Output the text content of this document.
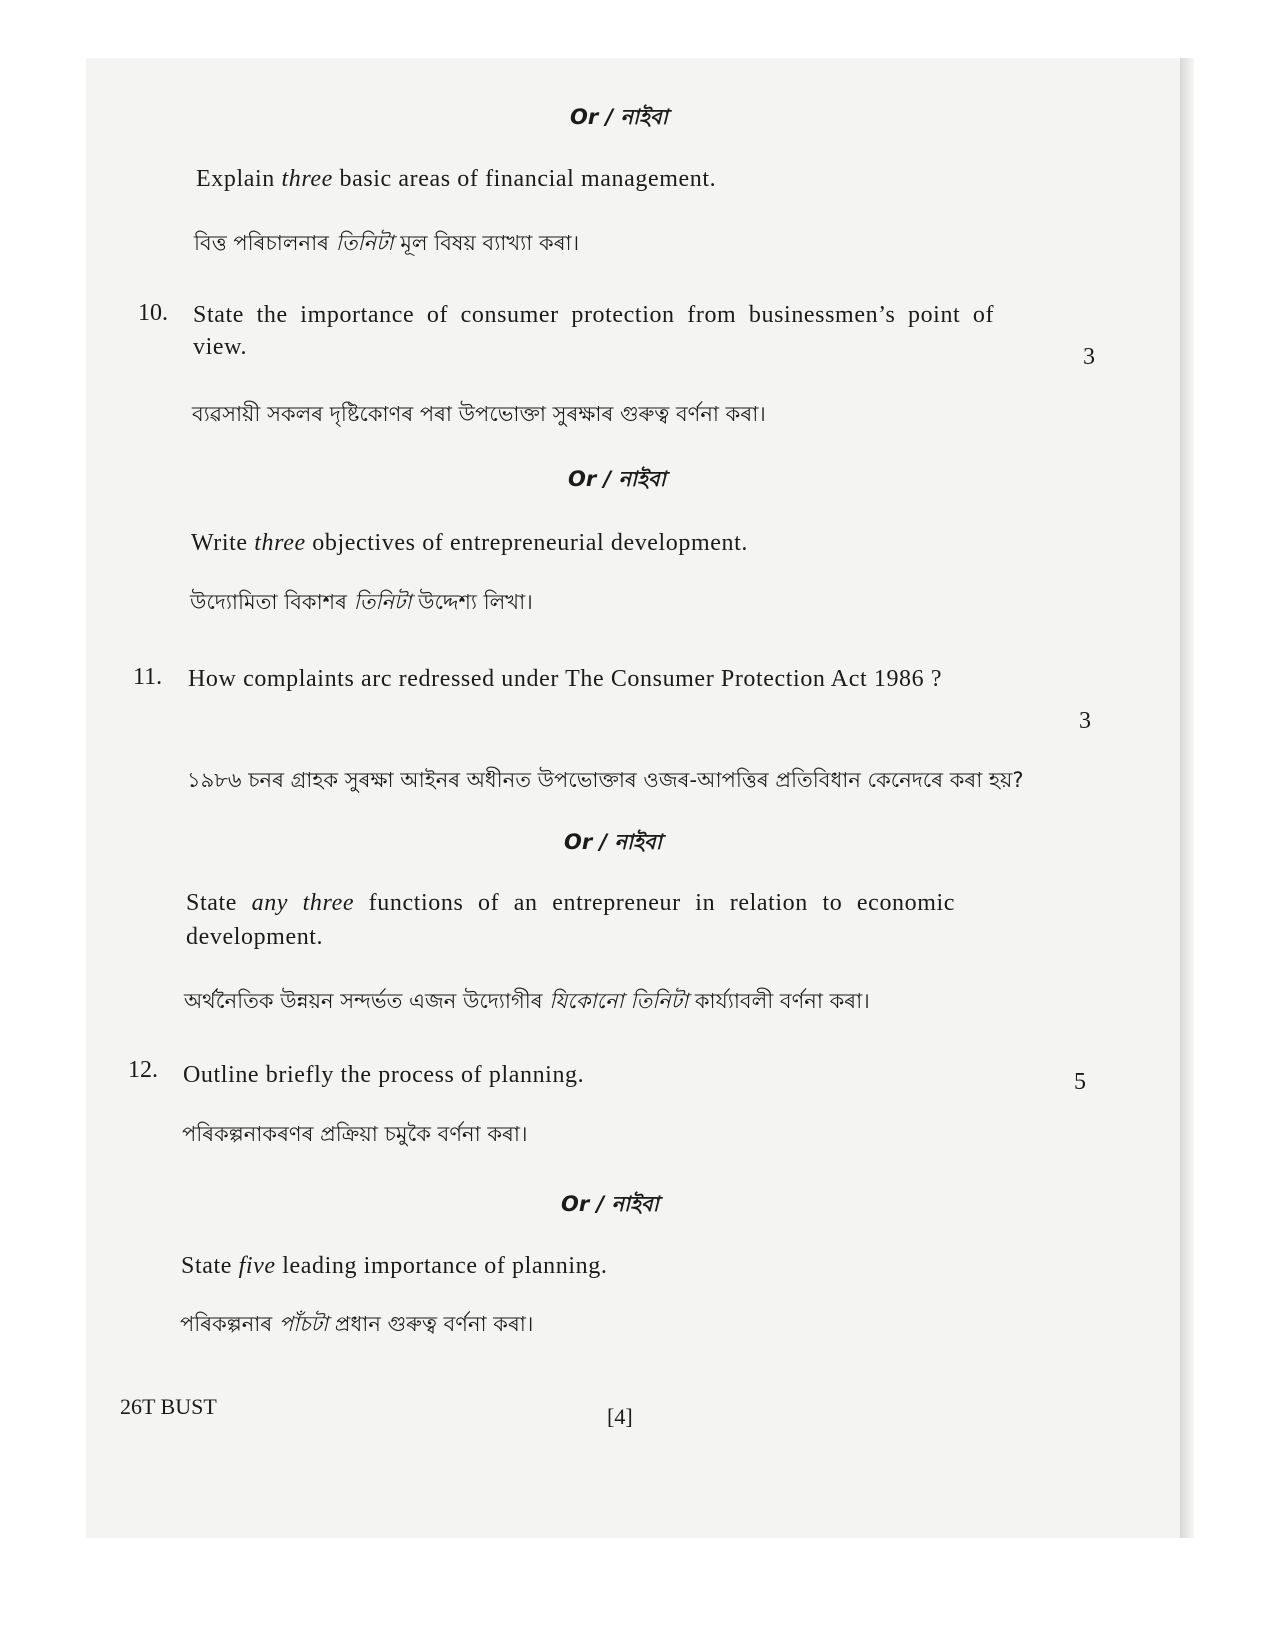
Or / নাইবা
Explain three basic areas of financial management.
বিত্ত পৰিচালনাৰ তিনিটা মূল বিষয় ব্যাখ্যা কৰা।
10. State the importance of consumer protection from businessmen’s point of
view.	3
ব্যৱসায়ী সকলৰ দৃষ্টিকোণৰ পৰা উপভোক্তা সুৰক্ষাৰ গুৰুত্ব বৰ্ণনা কৰা।
Or / নাইবা
Write three objectives of entrepreneurial development.
উদ্যোমিতা বিকাশৰ তিনিটা উদ্দেশ্য লিখা।
11. How complaints arc redressed under The Consumer Protection Act 1986 ?
3
১৯৮৬ চনৰ গ্ৰাহক সুৰক্ষা আইনৰ অধীনত উপভোক্তাৰ ওজৰ-আপত্তিৰ প্ৰতিবিধান কেনেদৰে কৰা হয়?
Or / নাইবা
State any three functions of an entrepreneur in relation to economic
development.
অৰ্থনৈতিক উন্নয়ন সন্দৰ্ভত এজন উদ্যোগীৰ যিকোনো তিনিটা কাৰ্য্যাবলী বৰ্ণনা কৰা।
12. Outline briefly the process of planning.	5
পৰিকল্পনাকৰণৰ প্ৰক্ৰিয়া চমুকৈ বৰ্ণনা কৰা।
Or / নাইবা
State five leading importance of planning.
পৰিকল্পনাৰ পাঁচটা প্ৰধান গুৰুত্ব বৰ্ণনা কৰা।
26T BUST	[4]
